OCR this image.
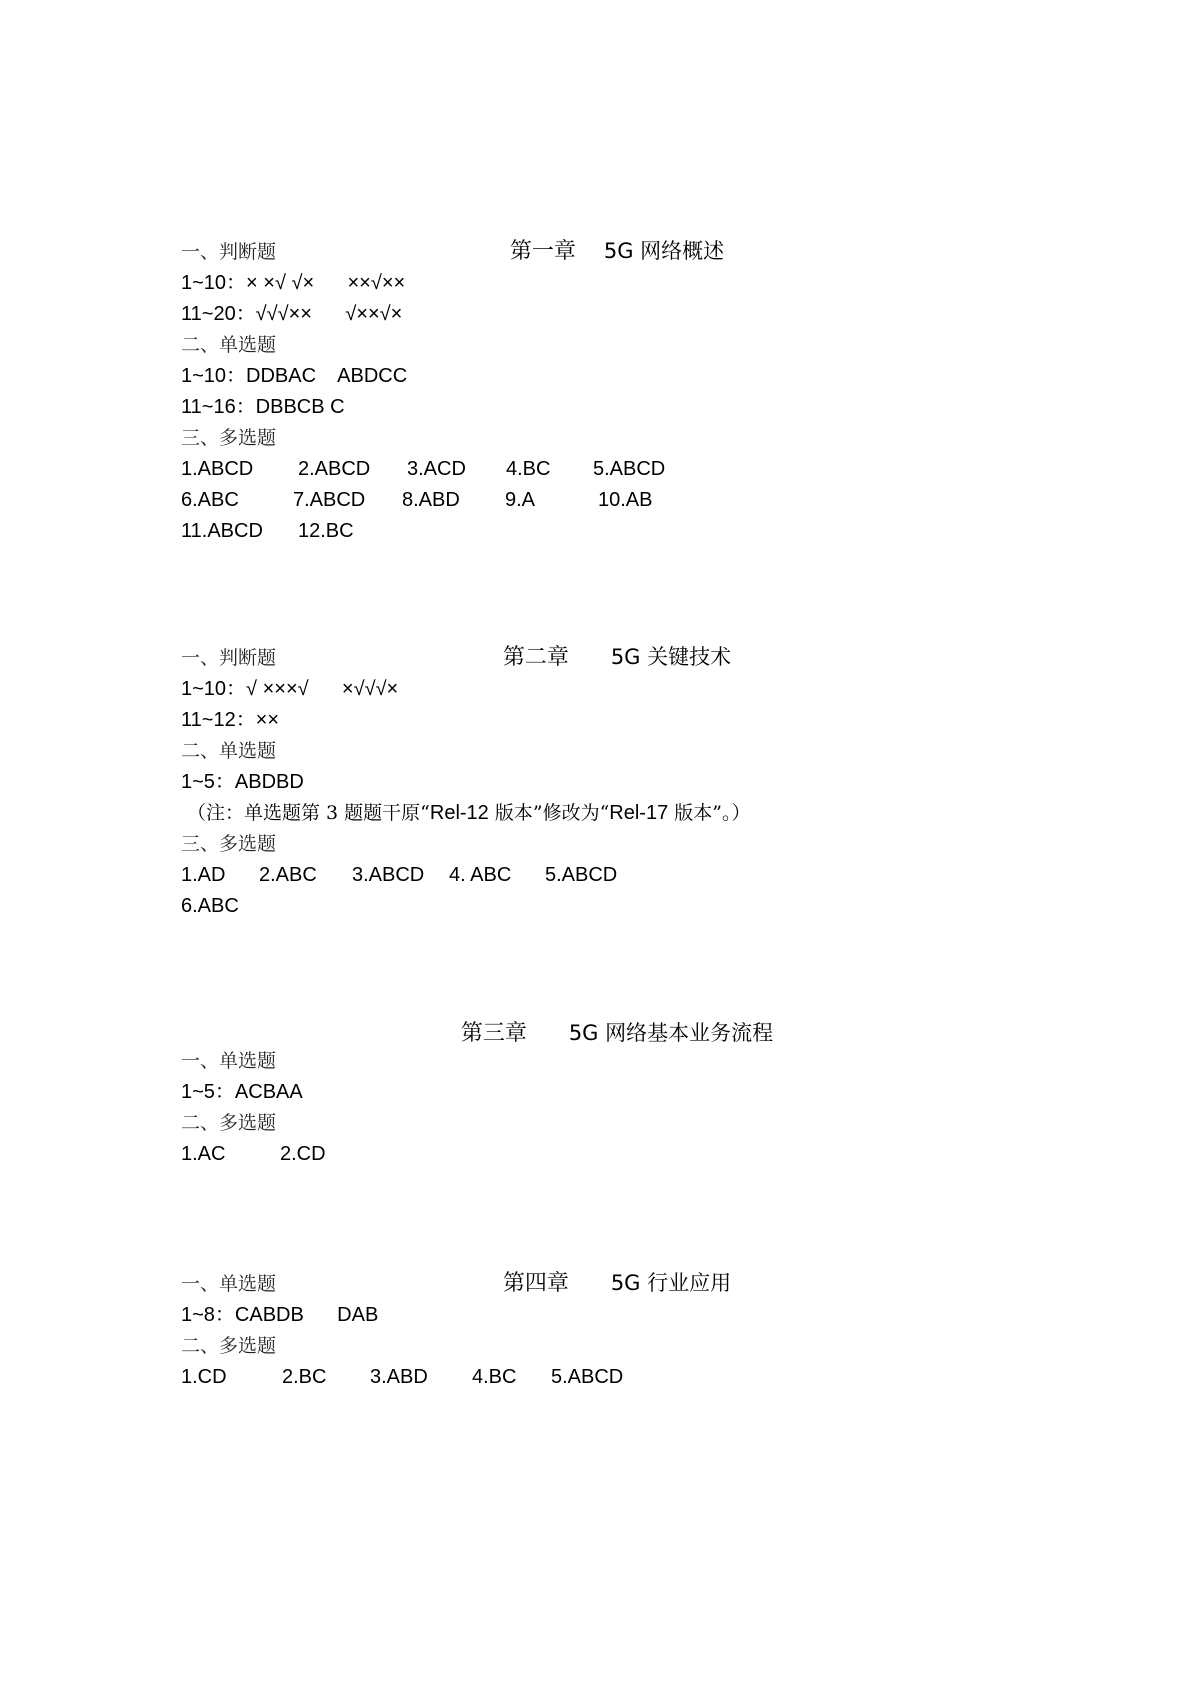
第一章 5G 网络概述

一、判断题
1~10：× ×√ √×      ××√××
11~20：√√√××      √××√×
二、单选题
1~10：DDBAC    ABDCC
11~16：DBBCB C
三、多选题

1.ABCD

2.ABCD

3.ACD

4.BC

5.ABCD

6.ABC

	7.ABCD

8.ABD

9.A

	10.AB

11.ABCD

12.BC

第二章 5G 关键技术

一、判断题
1~10：√ ×××√      ×√√√×
11~12：××
二、单选题
1~5：ABDBD
（注：单选题第 3 题题干原“Rel-12 版本”修改为“Rel-17 版本”。）
三、多选题

1.AD

2.ABC

3.ABCD

4. ABC

5.ABCD

6.ABC

第三章 5G 网络基本业务流程

一、单选题
1~5：ACBAA
二、多选题

1.AC

	2.CD

第四章 5G 行业应用

一、单选题
1~8：CABDB      DAB
二、多选题

1.CD

	2.BC

3.ABD

4.BC

5.ABCD
